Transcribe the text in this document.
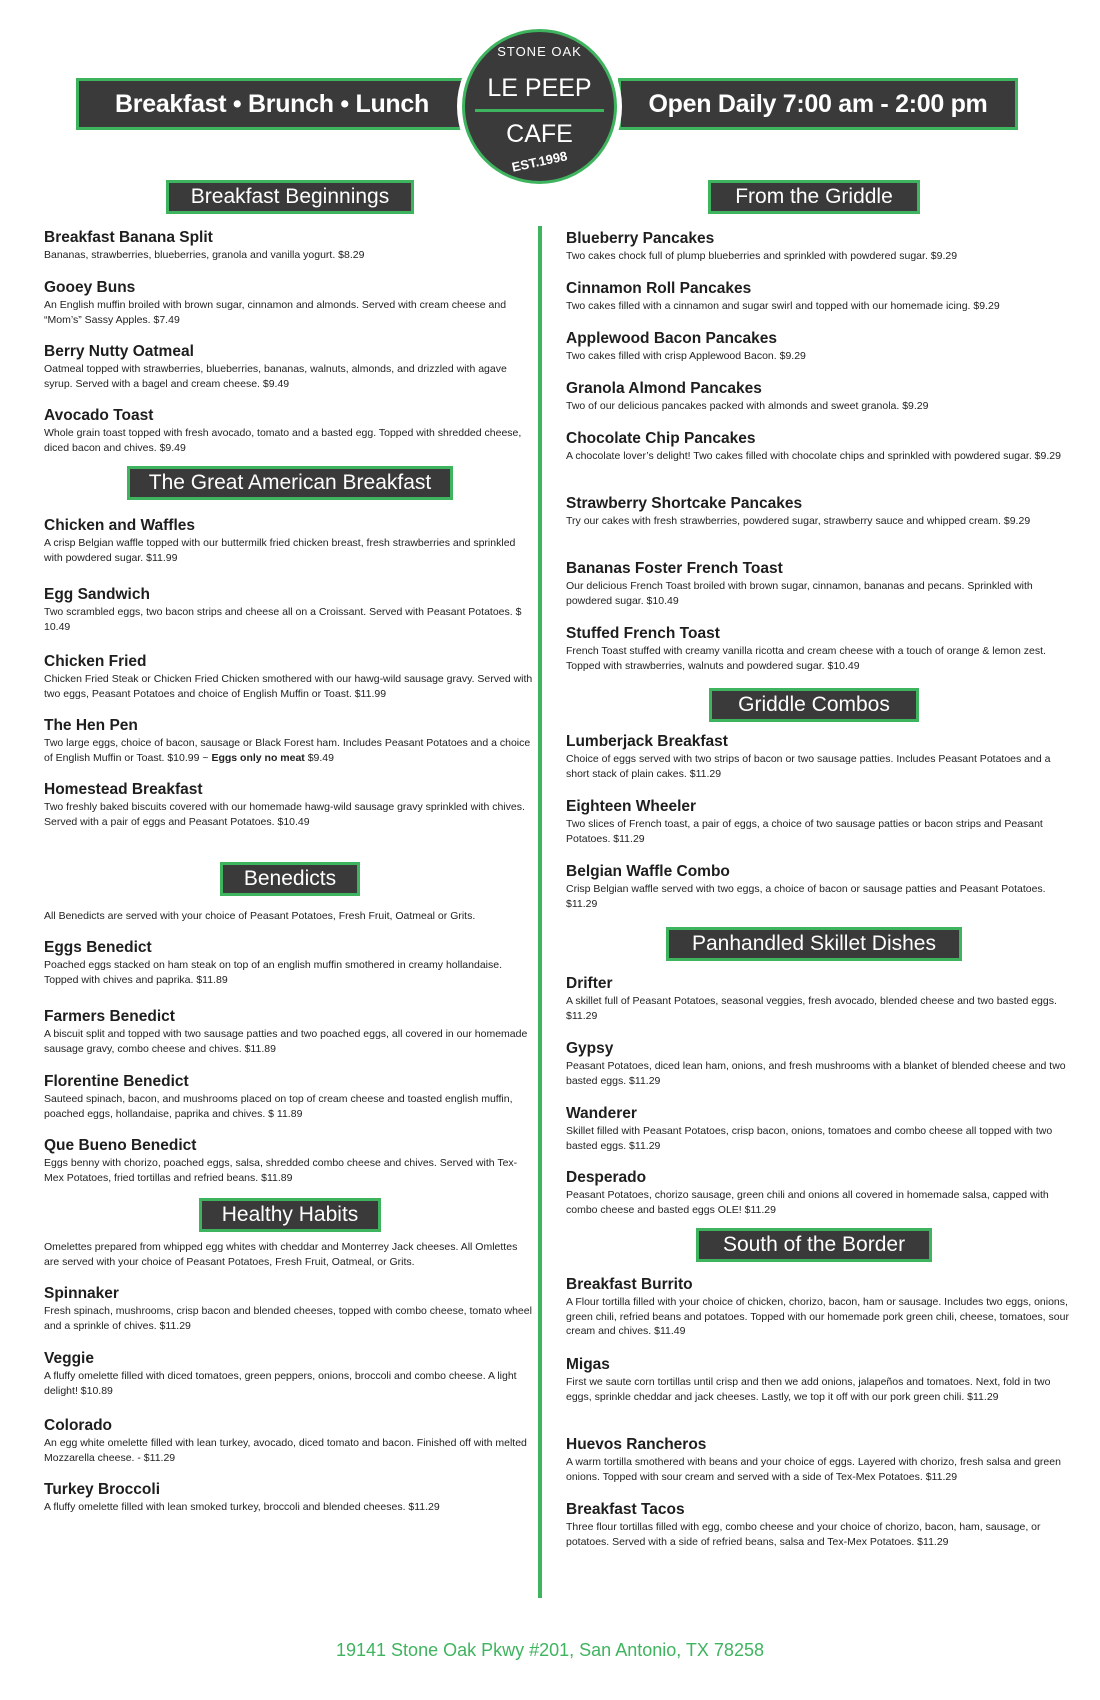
Breakfast • Brunch • Lunch	Open Daily 7:00 am - 2:00 pm
STONE OAK
LE PEEP
CAFE
EST.1998
Breakfast Beginnings
Breakfast Banana Split
Bananas, strawberries, blueberries, granola and vanilla yogurt. $8.29
Gooey Buns
An English muffin broiled with brown sugar, cinnamon and almonds. Served with cream cheese and “Mom’s” Sassy Apples. $7.49
Berry Nutty Oatmeal
Oatmeal topped with strawberries, blueberries, bananas, walnuts, almonds, and drizzled with agave syrup. Served with a bagel and cream cheese. $9.49
Avocado Toast
Whole grain toast topped with fresh avocado, tomato and a basted egg. Topped with shredded cheese, diced bacon and chives. $9.49
The Great American Breakfast
Chicken and Waffles
A crisp Belgian waffle topped with our buttermilk fried chicken breast, fresh strawberries and sprinkled with powdered sugar. $11.99
Egg Sandwich
Two scrambled eggs, two bacon strips and cheese all on a Croissant. Served with Peasant Potatoes. $ 10.49
Chicken Fried
Chicken Fried Steak or Chicken Fried Chicken smothered with our hawg-wild sausage gravy. Served with two eggs, Peasant Potatoes and choice of English Muffin or Toast. $11.99
The Hen Pen
Two large eggs, choice of bacon, sausage or Black Forest ham. Includes Peasant Potatoes and a choice of English Muffin or Toast. $10.99 ~ Eggs only no meat $9.49
Homestead Breakfast
Two freshly baked biscuits covered with our homemade hawg-wild sausage gravy sprinkled with chives. Served with a pair of eggs and Peasant Potatoes. $10.49
Benedicts
All Benedicts are served with your choice of Peasant Potatoes, Fresh Fruit, Oatmeal or Grits.
Eggs Benedict
Poached eggs stacked on ham steak on top of an english muffin smothered in creamy hollandaise. Topped with chives and paprika. $11.89
Farmers Benedict
A biscuit split and topped with two sausage patties and two poached eggs, all covered in our homemade sausage gravy, combo cheese and chives. $11.89
Florentine Benedict
Sauteed spinach, bacon, and mushrooms placed on top of cream cheese and toasted english muffin, poached eggs, hollandaise, paprika and chives. $ 11.89
Que Bueno Benedict
Eggs benny with chorizo, poached eggs, salsa, shredded combo cheese and chives. Served with Tex-Mex Potatoes, fried tortillas and refried beans. $11.89
Healthy Habits
Omelettes prepared from whipped egg whites with cheddar and Monterrey Jack cheeses. All Omlettes are served with your choice of Peasant Potatoes, Fresh Fruit, Oatmeal, or Grits.
Spinnaker
Fresh spinach, mushrooms, crisp bacon and blended cheeses, topped with combo cheese, tomato wheel and a sprinkle of chives. $11.29
Veggie
A fluffy omelette filled with diced tomatoes, green peppers, onions, broccoli and combo cheese. A light delight! $10.89
Colorado
An egg white omelette filled with lean turkey, avocado, diced tomato and bacon. Finished off with melted Mozzarella cheese. - $11.29
Turkey Broccoli
A fluffy omelette filled with lean smoked turkey, broccoli and blended cheeses. $11.29
From the Griddle
Blueberry Pancakes
Two cakes chock full of plump blueberries and sprinkled with powdered sugar. $9.29
Cinnamon Roll Pancakes
Two cakes filled with a cinnamon and sugar swirl and topped with our homemade icing. $9.29
Applewood Bacon Pancakes
Two cakes filled with crisp Applewood Bacon. $9.29
Granola Almond Pancakes
Two of our delicious pancakes packed with almonds and sweet granola. $9.29
Chocolate Chip Pancakes
A chocolate lover’s delight! Two cakes filled with chocolate chips and sprinkled with powdered sugar. $9.29
Strawberry Shortcake Pancakes
Try our cakes with fresh strawberries, powdered sugar, strawberry sauce and whipped cream. $9.29
Bananas Foster French Toast
Our delicious French Toast broiled with brown sugar, cinnamon, bananas and pecans. Sprinkled with powdered sugar. $10.49
Stuffed French Toast
French Toast stuffed with creamy vanilla ricotta and cream cheese with a touch of orange & lemon zest. Topped with strawberries, walnuts and powdered sugar. $10.49
Griddle Combos
Lumberjack Breakfast
Choice of eggs served with two strips of bacon or two sausage patties. Includes Peasant Potatoes and a short stack of plain cakes. $11.29
Eighteen Wheeler
Two slices of French toast, a pair of eggs, a choice of two sausage patties or bacon strips and Peasant Potatoes. $11.29
Belgian Waffle Combo
Crisp Belgian waffle served with two eggs, a choice of bacon or sausage patties and Peasant Potatoes. $11.29
Panhandled Skillet Dishes
Drifter
A skillet full of Peasant Potatoes, seasonal veggies, fresh avocado, blended cheese and two basted eggs. $11.29
Gypsy
Peasant Potatoes, diced lean ham, onions, and fresh mushrooms with a blanket of blended cheese and two basted eggs. $11.29
Wanderer
Skillet filled with Peasant Potatoes, crisp bacon, onions, tomatoes and combo cheese all topped with two basted eggs. $11.29
Desperado
Peasant Potatoes, chorizo sausage, green chili and onions all covered in homemade salsa, capped with combo cheese and basted eggs OLE! $11.29
South of the Border
Breakfast Burrito
A Flour tortilla filled with your choice of chicken, chorizo, bacon, ham or sausage. Includes two eggs, onions, green chili, refried beans and potatoes. Topped with our homemade pork green chili, cheese, tomatoes, sour cream and chives. $11.49
Migas
First we saute corn tortillas until crisp and then we add onions, jalapeños and tomatoes. Next, fold in two eggs, sprinkle cheddar and jack cheeses. Lastly, we top it off with our pork green chili. $11.29
Huevos Rancheros
A warm tortilla smothered with beans and your choice of eggs. Layered with chorizo, fresh salsa and green onions. Topped with sour cream and served with a side of Tex-Mex Potatoes. $11.29
Breakfast Tacos
Three flour tortillas filled with egg, combo cheese and your choice of chorizo, bacon, ham, sausage, or potatoes. Served with a side of refried beans, salsa and Tex-Mex Potatoes. $11.29
19141 Stone Oak Pkwy #201, San Antonio, TX 78258
